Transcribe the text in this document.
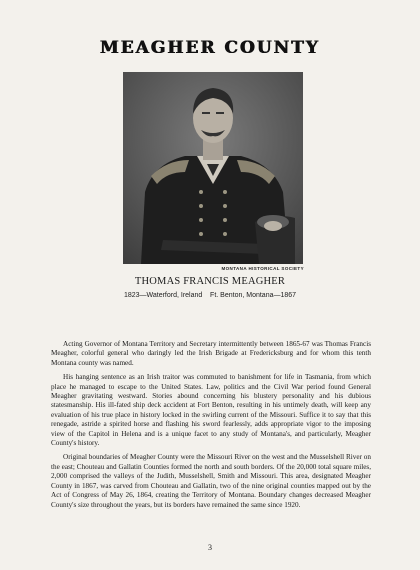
MEAGHER COUNTY
MONTANA HISTORICAL SOCIETY
THOMAS FRANCIS MEAGHER
1823—Waterford, Ireland    Ft. Benton, Montana—1867

Acting Governor of Montana Territory and Secretary intermittently between 1865-67 was Thomas Francis Meagher, colorful general who daringly led the Irish Brigade at Fredericksburg and for whom this tenth Montana county was named.

His hanging sentence as an Irish traitor was commuted to banishment for life in Tasmania, from which place he managed to escape to the United States. Law, politics and the Civil War period found General Meagher gravitating westward. Stories abound concerning his blustery personality and his dubious statesmanship. His ill-fated ship deck accident at Fort Benton, resulting in his untimely death, will keep any evaluation of his true place in history locked in the swirling current of the Missouri. Suffice it to say that this renegade, astride a spirited horse and flashing his sword fearlessly, adds appropriate vigor to the imposing view of the Capitol in Helena and is a unique facet to any study of Montana's, and particularly, Meagher County's history.

Original boundaries of Meagher County were the Missouri River on the west and the Musselshell River on the east; Chouteau and Gallatin Counties formed the north and south borders. Of the 20,000 total square miles, 2,000 comprised the valleys of the Judith, Musselshell, Smith and Missouri. This area, designated Meagher County in 1867, was carved from Chouteau and Gallatin, two of the nine original counties mapped out by the Act of Congress of May 26, 1864, creating the Territory of Montana. Boundary changes decreased Meagher County's size throughout the years, but its borders have remained the same since 1920.

3
